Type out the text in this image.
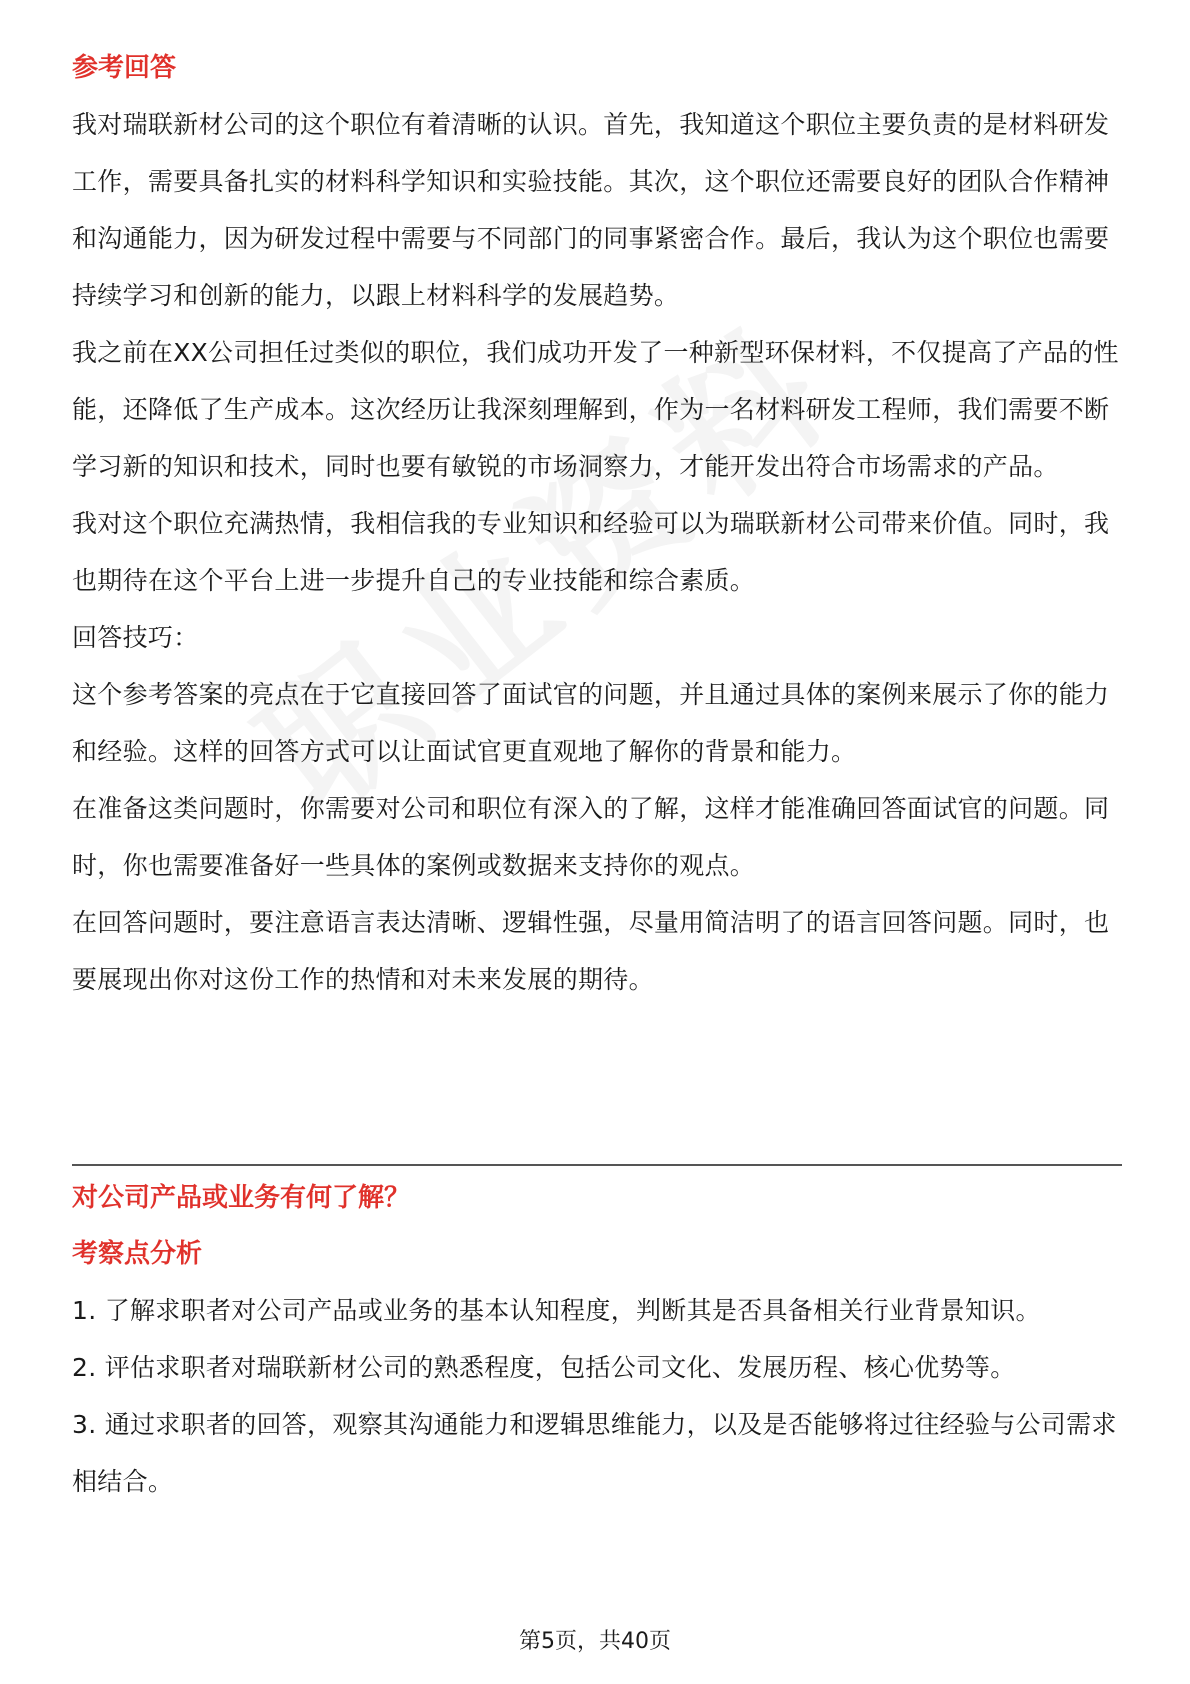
参考回答

我对瑞联新材公司的这个职位有着清晰的认识。首先，我知道这个职位主要负责的是材料研发工作，需要具备扎实的材料科学知识和实验技能。其次，这个职位还需要良好的团队合作精神和沟通能力，因为研发过程中需要与不同部门的同事紧密合作。最后，我认为这个职位也需要持续学习和创新的能力，以跟上材料科学的发展趋势。

我之前在XX公司担任过类似的职位，我们成功开发了一种新型环保材料，不仅提高了产品的性能，还降低了生产成本。这次经历让我深刻理解到，作为一名材料研发工程师，我们需要不断学习新的知识和技术，同时也要有敏锐的市场洞察力，才能开发出符合市场需求的产品。

我对这个职位充满热情，我相信我的专业知识和经验可以为瑞联新材公司带来价值。同时，我也期待在这个平台上进一步提升自己的专业技能和综合素质。

回答技巧：

这个参考答案的亮点在于它直接回答了面试官的问题，并且通过具体的案例来展示了你的能力和经验。这样的回答方式可以让面试官更直观地了解你的背景和能力。

在准备这类问题时，你需要对公司和职位有深入的了解，这样才能准确回答面试官的问题。同时，你也需要准备好一些具体的案例或数据来支持你的观点。

在回答问题时，要注意语言表达清晰、逻辑性强，尽量用简洁明了的语言回答问题。同时，也要展现出你对这份工作的热情和对未来发展的期待。

对公司产品或业务有何了解？
考察点分析

1. 了解求职者对公司产品或业务的基本认知程度，判断其是否具备相关行业背景知识。

2. 评估求职者对瑞联新材公司的熟悉程度，包括公司文化、发展历程、核心优势等。

3. 通过求职者的回答，观察其沟通能力和逻辑思维能力，以及是否能够将过往经验与公司需求相结合。

第5页，共40页
